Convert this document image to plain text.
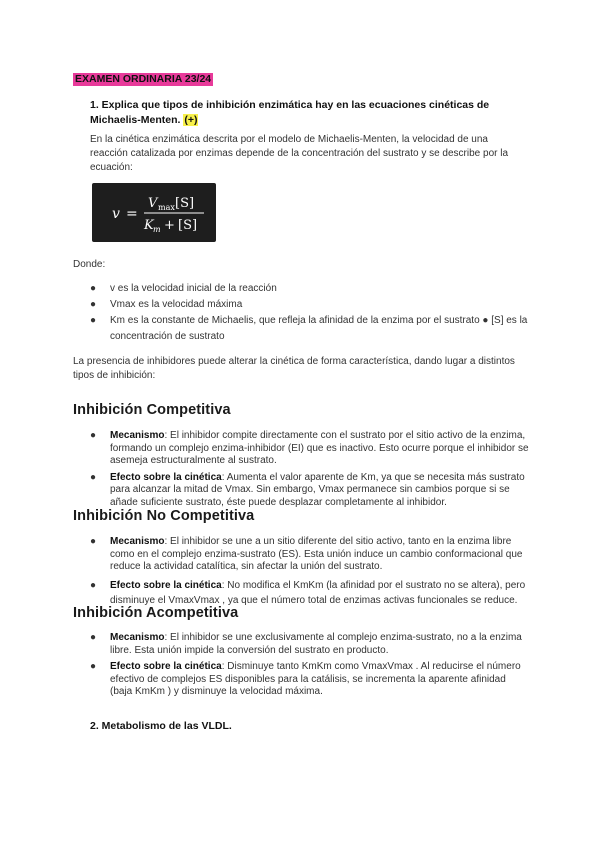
EXAMEN ORDINARIA 23/24
1. Explica que tipos de inhibición enzimática hay en las ecuaciones cinéticas de Michaelis-Menten. (+)
En la cinética enzimática descrita por el modelo de Michaelis-Menten, la velocidad de una reacción catalizada por enzimas depende de la concentración del sustrato y se describe por la ecuación:
v =
V max [S]
K m + [S]
Donde:
● v es la velocidad inicial de la reacción
● Vmax es la velocidad máxima
● Km es la constante de Michaelis, que refleja la afinidad de la enzima por el sustrato ● [S] es la concentración de sustrato
La presencia de inhibidores puede alterar la cinética de forma característica, dando lugar a distintos tipos de inhibición:
Inhibición Competitiva
● Mecanismo: El inhibidor compite directamente con el sustrato por el sitio activo de la enzima, formando un complejo enzima-inhibidor (EI) que es inactivo. Esto ocurre porque el inhibidor se asemeja estructuralmente al sustrato.
● Efecto sobre la cinética: Aumenta el valor aparente de Km, ya que se necesita más sustrato para alcanzar la mitad de Vmax. Sin embargo, Vmax permanece sin cambios porque si se añade suficiente sustrato, éste puede desplazar completamente al inhibidor.
Inhibición No Competitiva
● Mecanismo: El inhibidor se une a un sitio diferente del sitio activo, tanto en la enzima libre como en el complejo enzima-sustrato (ES). Esta unión induce un cambio conformacional que reduce la actividad catalítica, sin afectar la unión del sustrato.
● Efecto sobre la cinética: No modifica el KmKm (la afinidad por el sustrato no se altera), pero disminuye el VmaxVmax , ya que el número total de enzimas activas funcionales se reduce.
Inhibición Acompetitiva
● Mecanismo: El inhibidor se une exclusivamente al complejo enzima-sustrato, no a la enzima libre. Esta unión impide la conversión del sustrato en producto.
● Efecto sobre la cinética: Disminuye tanto KmKm como VmaxVmax . Al reducirse el número efectivo de complejos ES disponibles para la catálisis, se incrementa la aparente afinidad (baja KmKm ) y disminuye la velocidad máxima.
2. Metabolismo de las VLDL.
